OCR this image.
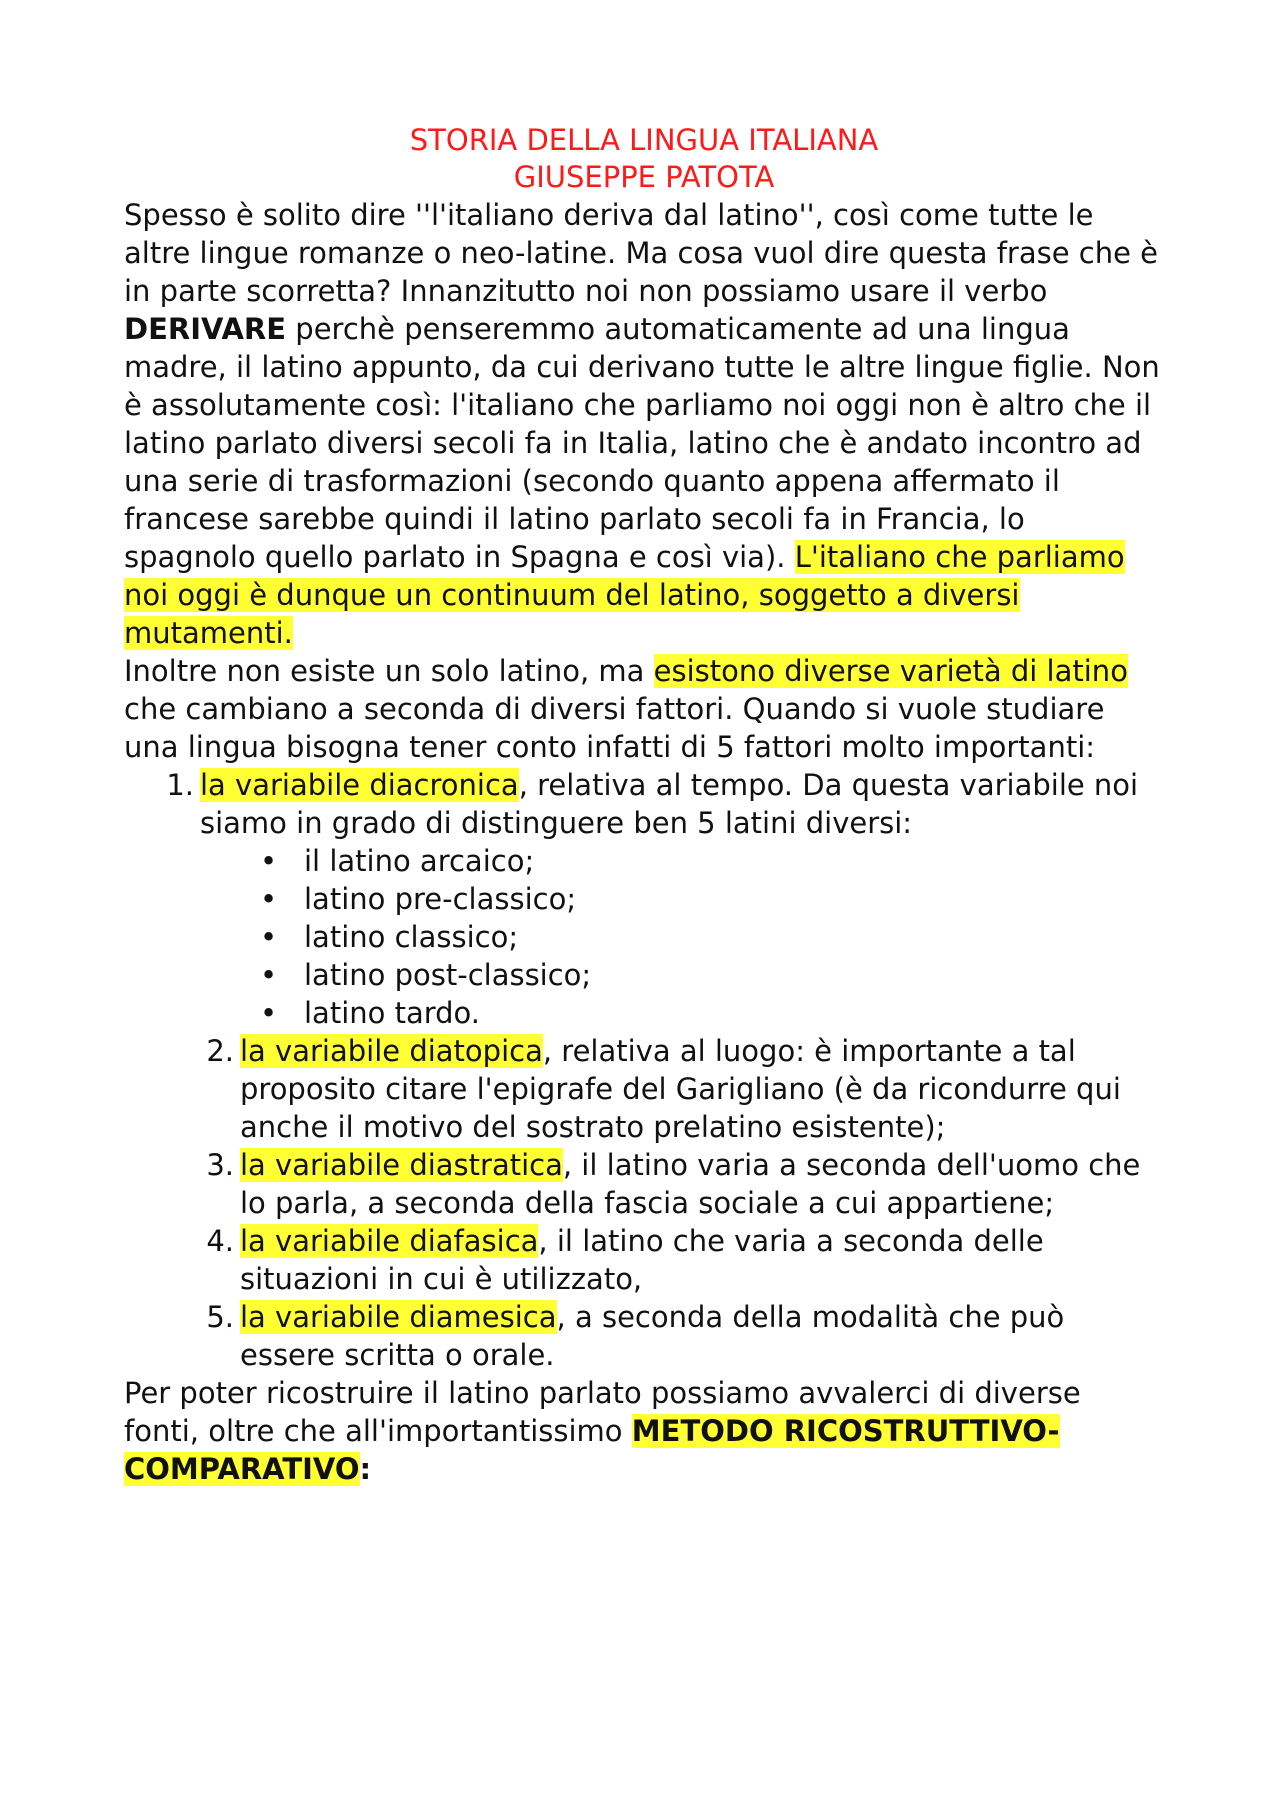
STORIA DELLA LINGUA ITALIANA
GIUSEPPE PATOTA

Spesso è solito dire ''l'italiano deriva dal latino'', così come tutte le altre lingue romanze o neo-latine. Ma cosa vuol dire questa frase che è in parte scorretta? Innanzitutto noi non possiamo usare il verbo DERIVARE perchè penseremmo automaticamente ad una lingua madre, il latino appunto, da cui derivano tutte le altre lingue figlie. Non è assolutamente così: l'italiano che parliamo noi oggi non è altro che il latino parlato diversi secoli fa in Italia, latino che è andato incontro ad una serie di trasformazioni (secondo quanto appena affermato il francese sarebbe quindi il latino parlato secoli fa in Francia, lo spagnolo quello parlato in Spagna e così via). L'italiano che parliamo noi oggi è dunque un continuum del latino, soggetto a diversi mutamenti.

Inoltre non esiste un solo latino, ma esistono diverse varietà di latino che cambiano a seconda di diversi fattori. Quando si vuole studiare una lingua bisogna tener conto infatti di 5 fattori molto importanti:

1. la variabile diacronica, relativa al tempo. Da questa variabile noi siamo in grado di distinguere ben 5 latini diversi:
• il latino arcaico;
• latino pre-classico;
• latino classico;
• latino post-classico;
• latino tardo.
2. la variabile diatopica, relativa al luogo: è importante a tal proposito citare l'epigrafe del Garigliano (è da ricondurre qui anche il motivo del sostrato prelatino esistente);
3. la variabile diastratica, il latino varia a seconda dell'uomo che lo parla, a seconda della fascia sociale a cui appartiene;
4. la variabile diafasica, il latino che varia a seconda delle situazioni in cui è utilizzato,
5. la variabile diamesica, a seconda della modalità che può essere scritta o orale.

Per poter ricostruire il latino parlato possiamo avvalerci di diverse fonti, oltre che all'importantissimo METODO RICOSTRUTTIVO-COMPARATIVO:
